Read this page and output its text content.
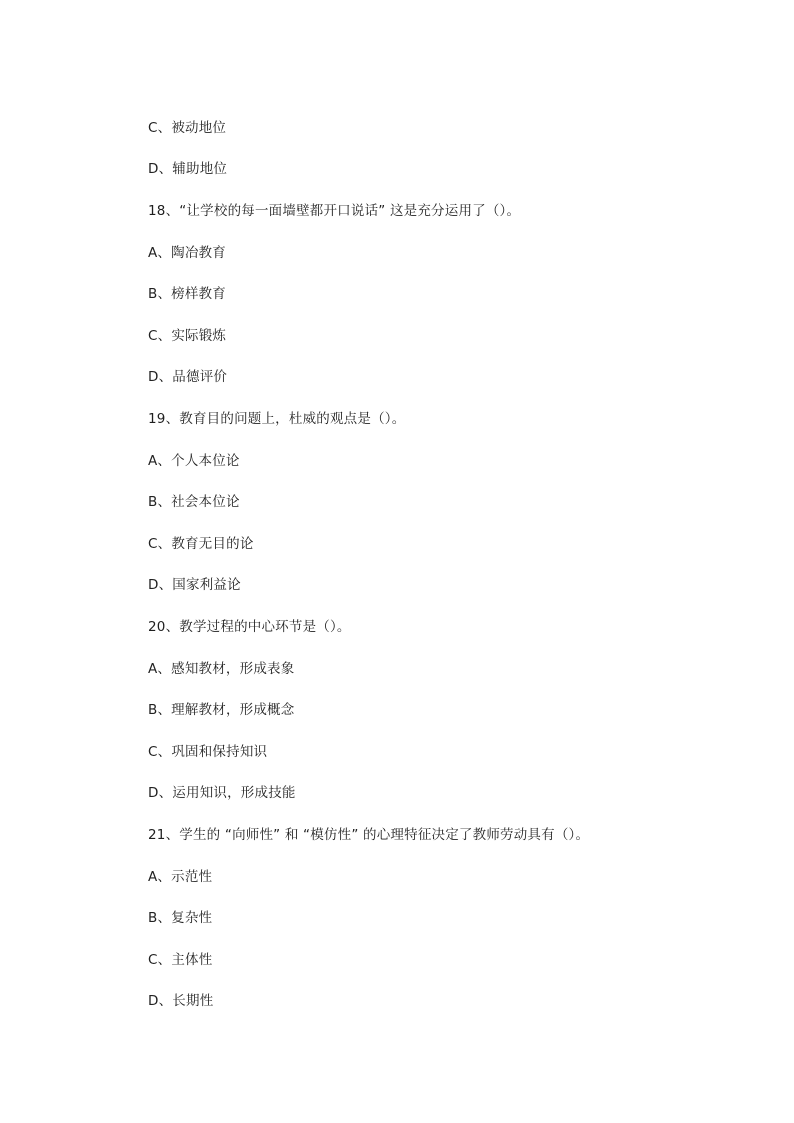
C、被动地位
D、辅助地位
18、“让学校的每一面墙壁都开口说话” 这是充分运用了（）。
A、陶冶教育
B、榜样教育
C、实际锻炼
D、品德评价
19、教育目的问题上，杜威的观点是（）。
A、个人本位论
B、社会本位论
C、教育无目的论
D、国家利益论
20、教学过程的中心环节是（）。
A、感知教材，形成表象
B、理解教材，形成概念
C、巩固和保持知识
D、运用知识，形成技能
21、学生的 “向师性” 和 “模仿性” 的心理特征决定了教师劳动具有（）。
A、示范性
B、复杂性
C、主体性
D、长期性
